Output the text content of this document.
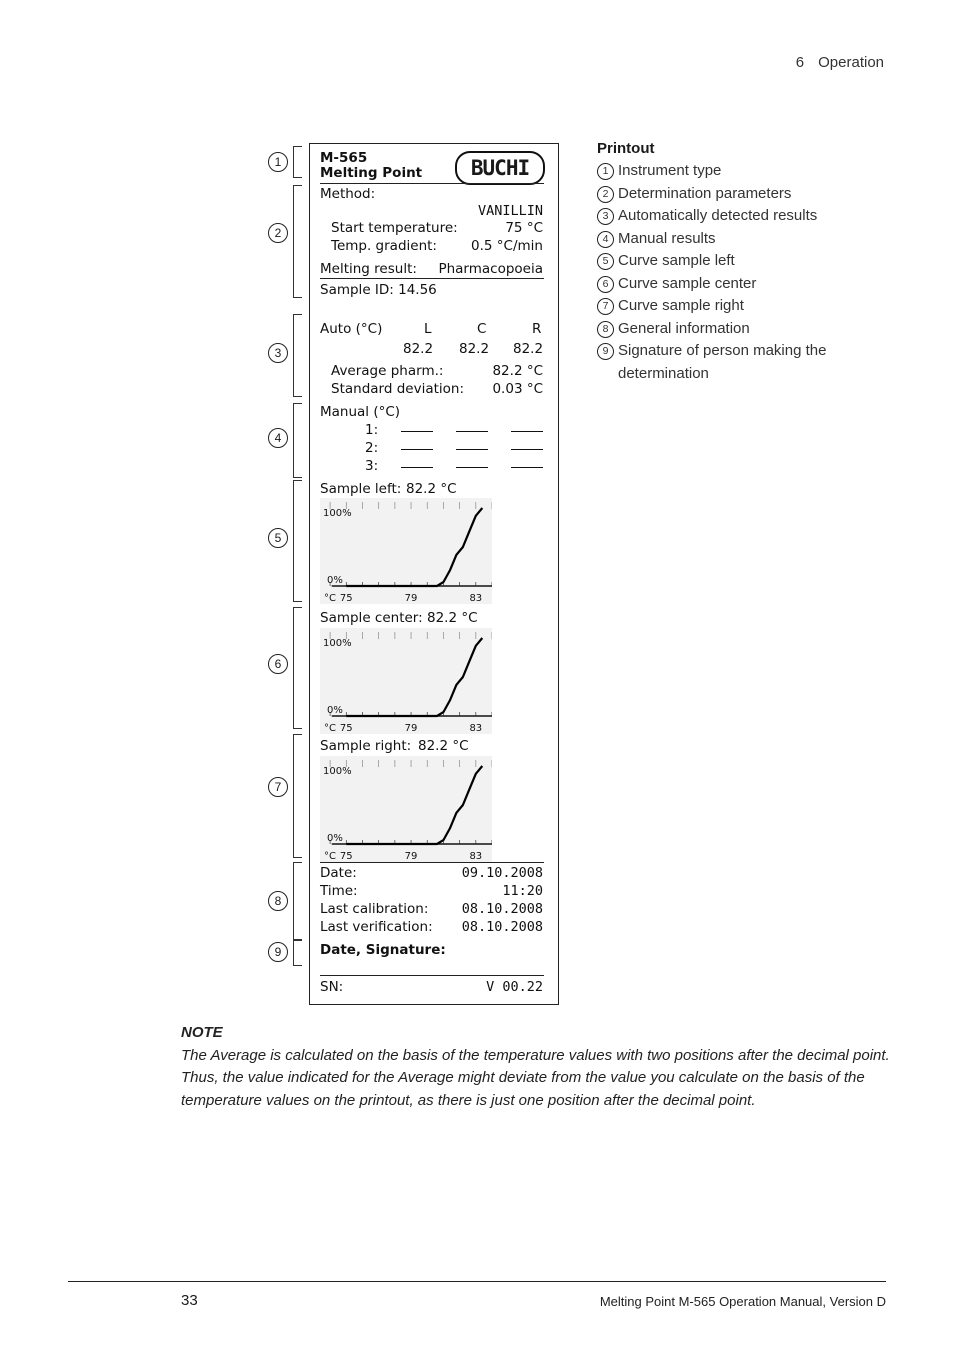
6 Operation
1
2
3
4
5
6
7
8
9
M-565
Melting Point	BUCHI
Method:
VANILLIN
Start temperature:	75 °C
Temp. gradient:	0.5 °C/min
Melting result: Pharmacopoeia
Sample ID: 14.56
Auto (°C)	L	C	R
82.2 82.2 82.2
Average pharm.:	82.2 °C
Standard deviation: 0.03 °C
Manual (°C)
1:
2:
3:
Sample left: 82.2 °C
100%
0%
°C 75	79	83
Sample center: 82.2 °C
100%
0%
°C 75	79	83
Sample right: 82.2 °C
100%
0%
°C 75	79	83
Date:	09.10.2008
Time:	11:20
Last calibration: 08.10.2008
Last verification: 08.10.2008
Date, Signature:
SN:	V 00.22
Printout
1 Instrument type
2 Determination parameters
3 Automatically detected results
4 Manual results
5 Curve sample left
6 Curve sample center
7 Curve sample right
8 General information
9 Signature of person making the determination
NOTE
The Average is calculated on the basis of the temperature values with two positions after the decimal point. Thus, the value indicated for the Average might deviate from the value you calculate on the basis of the temperature values on the printout, as there is just one position after the decimal point.
33	Melting Point M-565 Operation Manual, Version D
